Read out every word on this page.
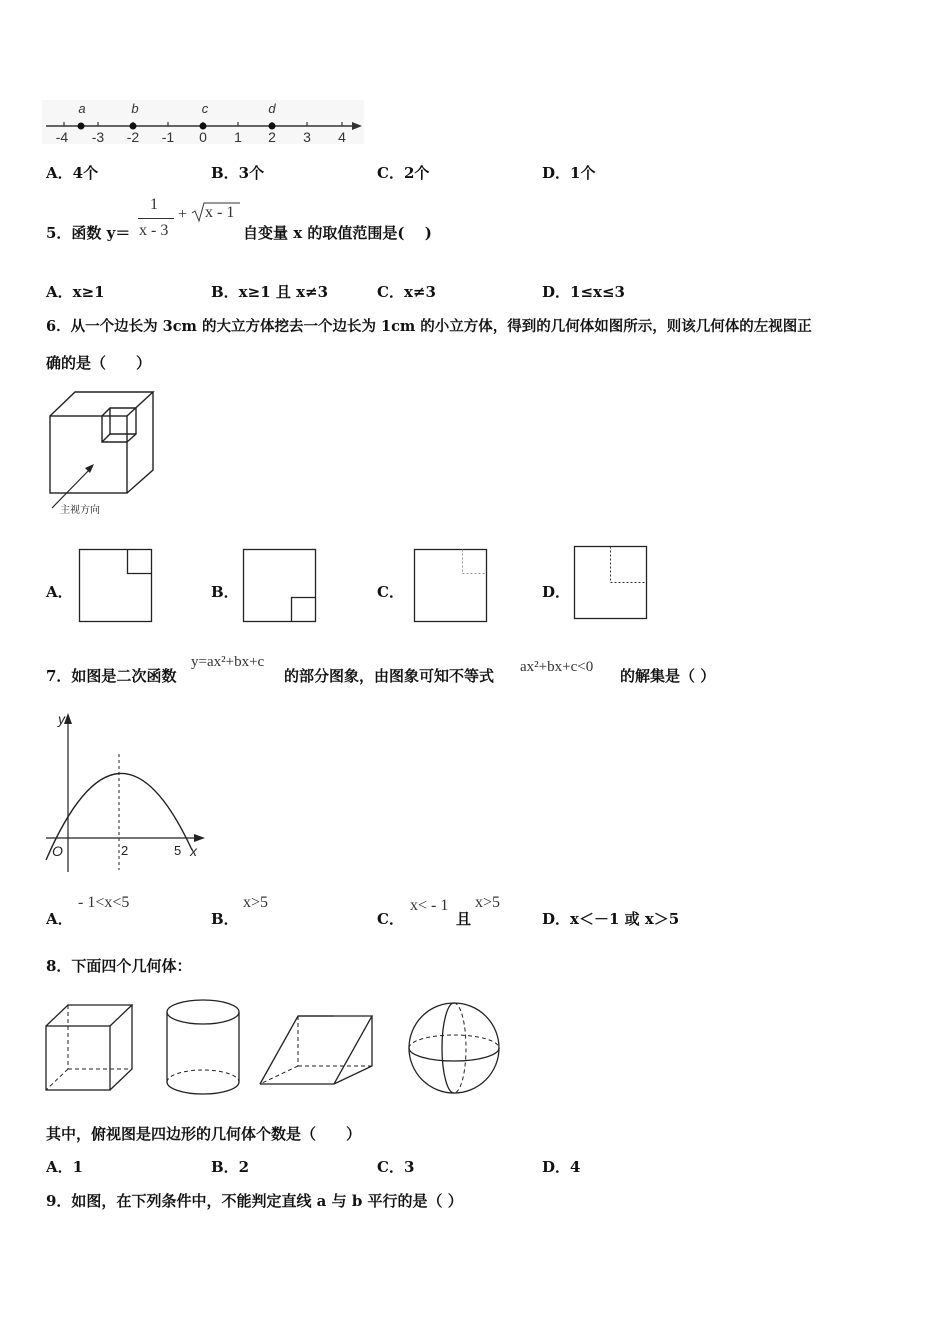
a	b	c	d
-4 -3 -2 -1 0 1 2 3 4
A．4个	B．3个	C．2个	D．1个
5．函数 y＝
1
x - 3
+ x - 1
自变量 x 的取值范围是(　 )
A．x≥1	B．x≥1 且 x≠3	C．x≠3	D．1≤x≤3
6．从一个边长为 3cm 的大立方体挖去一个边长为 1cm 的小立方体，得到的几何体如图所示，则该几何体的左视图正
确的是（　　）
主视方向
A．	B．	C．	D．
7．如图是二次函数
y=ax²+bx+c
的部分图象，由图象可知不等式 ax²+bx+c<0 的解集是（ ）
y
x
O	2	5
A．
- 1<x<5
B．
x>5
C．
x< - 1
且
x>5
D．x＜－1 或 x＞5
8．下面四个几何体：
其中，俯视图是四边形的几何体个数是（　　）
A．1	B．2	C．3	D．4
9．如图，在下列条件中，不能判定直线 a 与 b 平行的是（ ）
